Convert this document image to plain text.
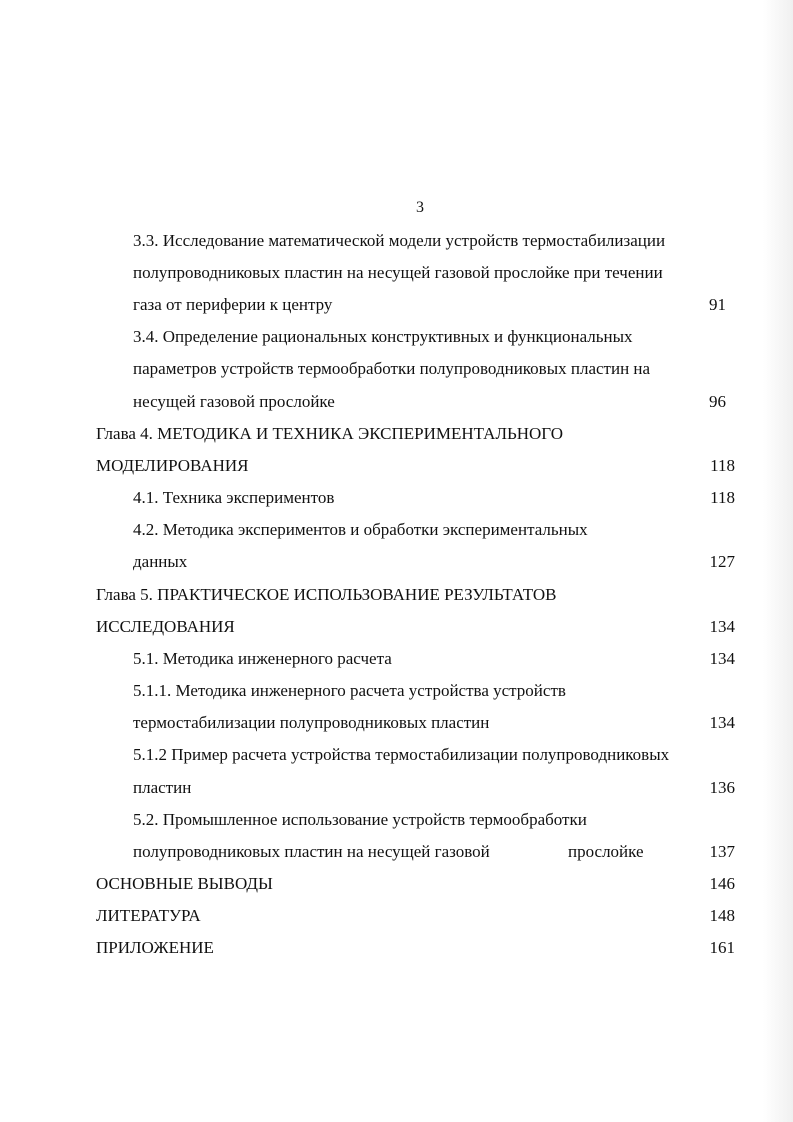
3
3.3. Исследование математической модели устройств термостабилизации
полупроводниковых пластин на несущей газовой прослойке при течении
газа от периферии к центру	91
3.4. Определение рациональных конструктивных и функциональных
параметров устройств термообработки полупроводниковых пластин на
несущей газовой прослойке	96
Глава 4. МЕТОДИКА И ТЕХНИКА ЭКСПЕРИМЕНТАЛЬНОГО
МОДЕЛИРОВАНИЯ	118
4.1. Техника экспериментов	118
4.2. Методика экспериментов и обработки экспериментальных
данных	127
Глава 5. ПРАКТИЧЕСКОЕ ИСПОЛЬЗОВАНИЕ РЕЗУЛЬТАТОВ
ИССЛЕДОВАНИЯ	134
5.1. Методика инженерного расчета	134
5.1.1. Методика инженерного расчета устройства устройств
термостабилизации полупроводниковых пластин	134
5.1.2 Пример расчета устройства термостабилизации полупроводниковых
пластин	136
5.2. Промышленное использование устройств термообработки
полупроводниковых пластин на несущей газовой	прослойке	137
ОСНОВНЫЕ ВЫВОДЫ	146
ЛИТЕРАТУРА	148
ПРИЛОЖЕНИЕ	161
